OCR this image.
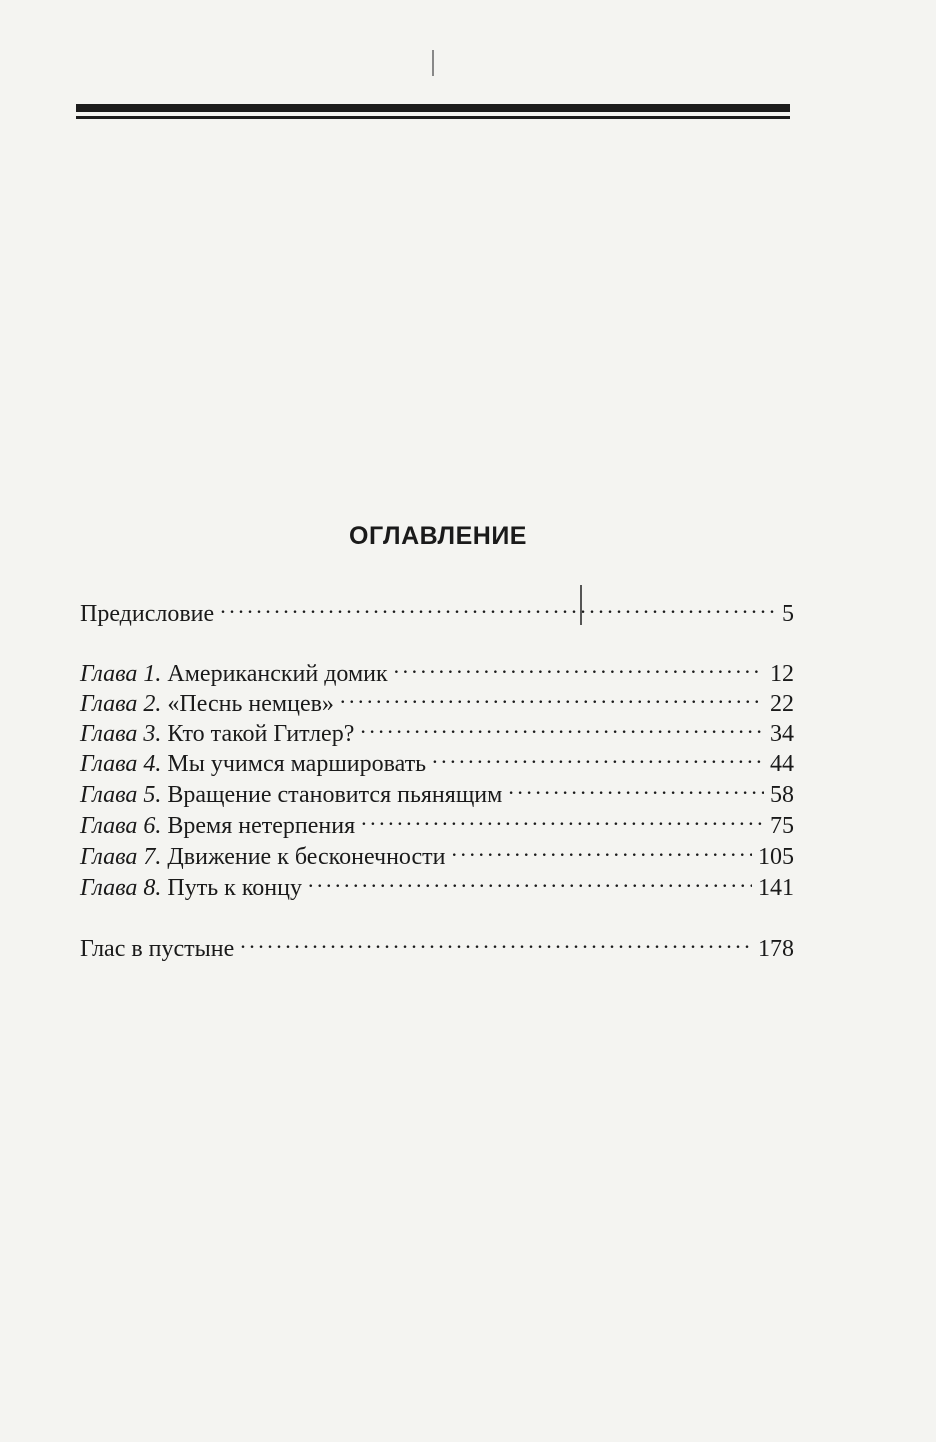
ОГЛАВЛЕНИЕ
Предисловие . . .	5
Глава 1. Американский домик . . .	12
Глава 2. «Песнь немцев» . . .	22
Глава 3. Кто такой Гитлер? . . .	34
Глава 4. Мы учимся маршировать . . .	44
Глава 5. Вращение становится пьянящим . . .	58
Глава 6. Время нетерпения . . .	75
Глава 7. Движение к бесконечности . . .	105
Глава 8. Путь к концу . . .	141
Глас в пустыне . . .	178
